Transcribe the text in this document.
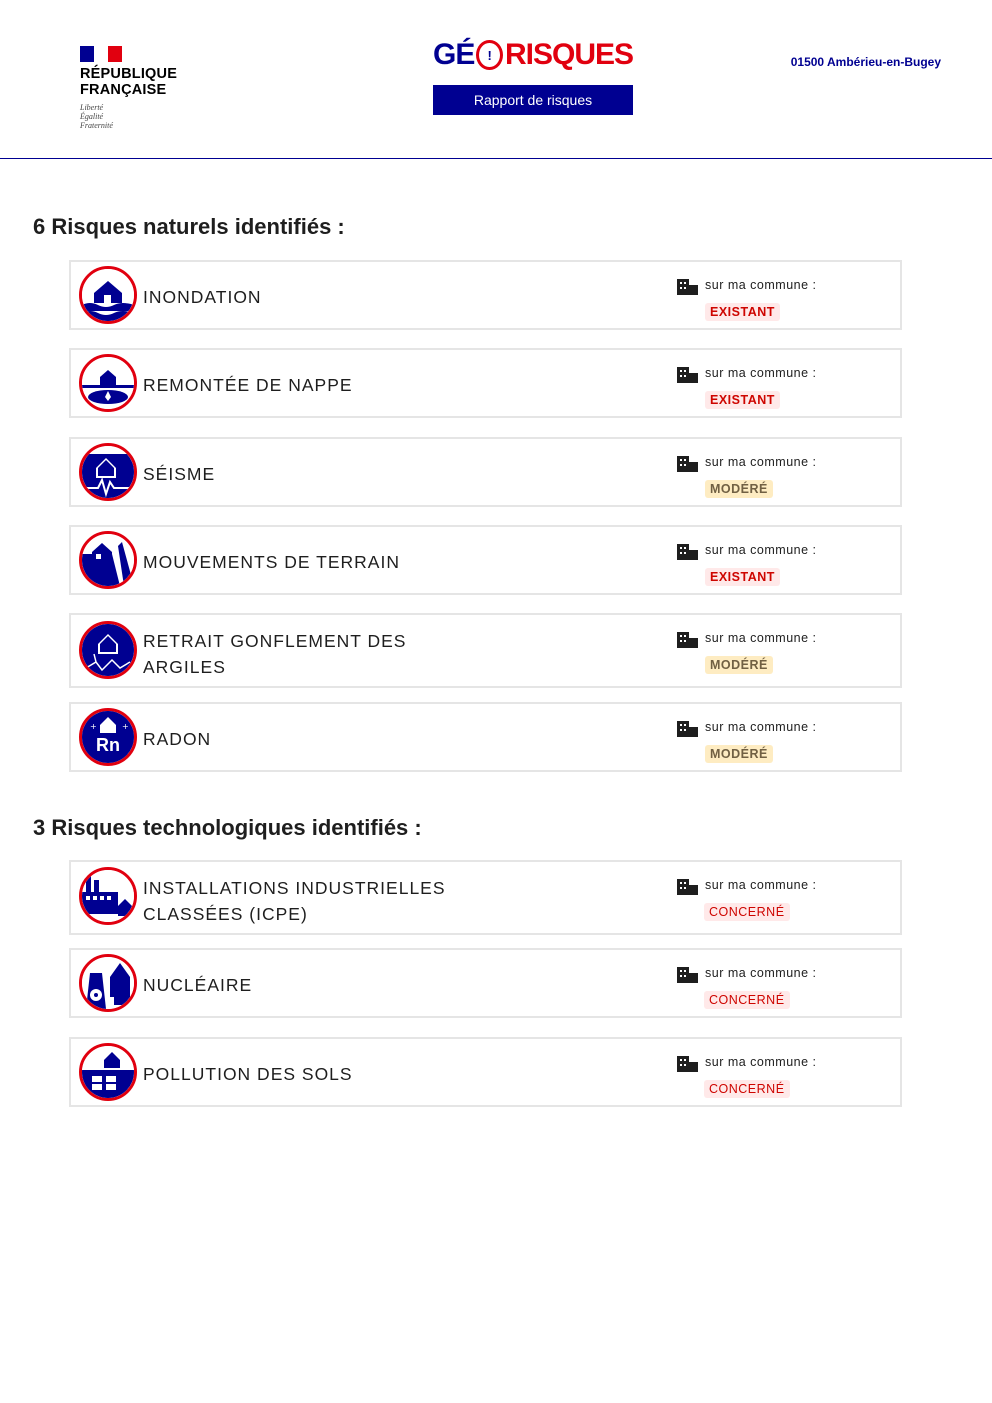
RÉPUBLIQUE
FRANÇAISE
Liberté
Égalité
Fraternité
GÉ ! RISQUES
Rapport de risques
01500 Ambérieu-en-Bugey
6 Risques naturels identifiés :
INONDATION
sur ma commune :
EXISTANT
REMONTÉE DE NAPPE
sur ma commune :
EXISTANT
SÉISME
sur ma commune :
MODÉRÉ
MOUVEMENTS DE TERRAIN
sur ma commune :
EXISTANT
RETRAIT GONFLEMENT DES
ARGILES
sur ma commune :
MODÉRÉ
Rn
+	+
RADON
sur ma commune :
MODÉRÉ
3 Risques technologiques identifiés :
INSTALLATIONS INDUSTRIELLES
CLASSÉES (ICPE)
sur ma commune :
CONCERNÉ
NUCLÉAIRE
sur ma commune :
CONCERNÉ
POLLUTION DES SOLS
sur ma commune :
CONCERNÉ
